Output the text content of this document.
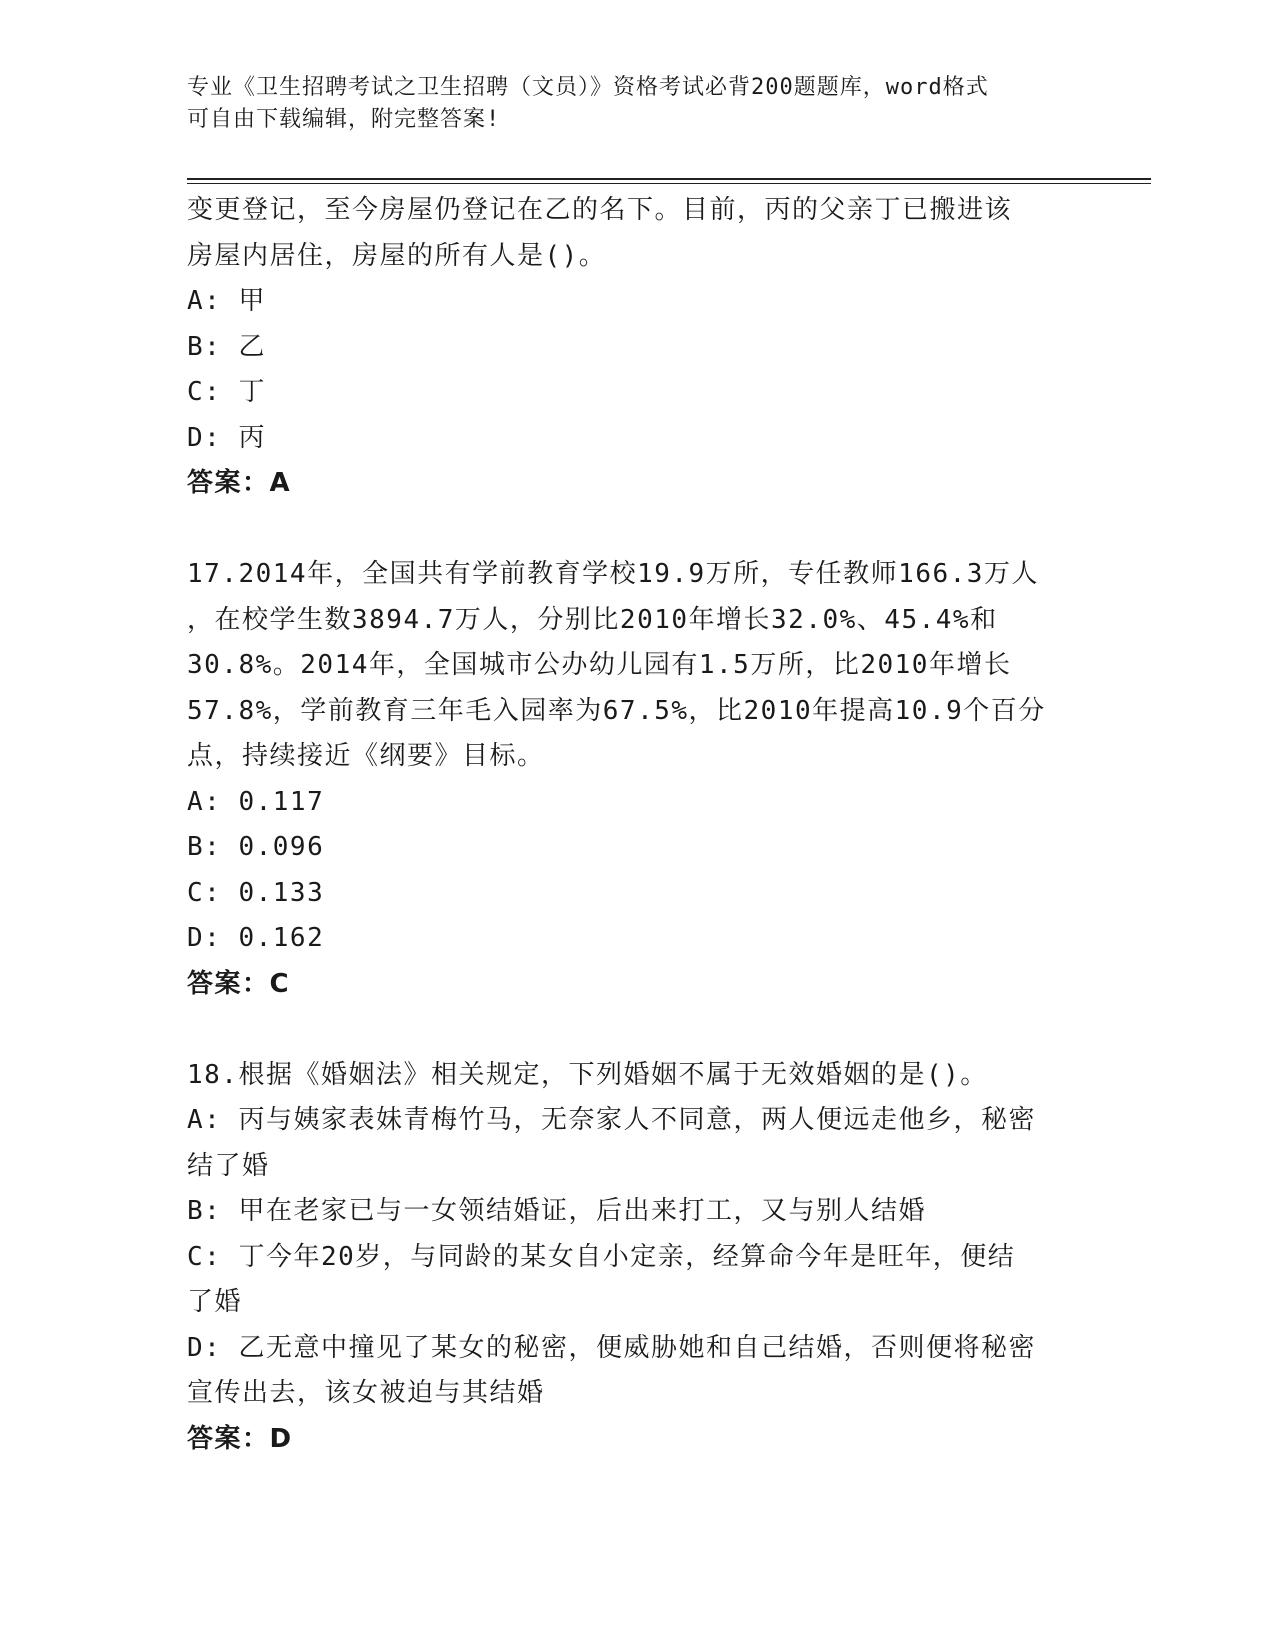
专业《卫生招聘考试之卫生招聘（文员）》资格考试必背200题题库，word格式
可自由下载编辑，附完整答案!
变更登记，至今房屋仍登记在乙的名下。目前，丙的父亲丁已搬进该
房屋内居住，房屋的所有人是()。
A: 甲
B: 乙
C: 丁
D: 丙
答案：A
17.2014年，全国共有学前教育学校19.9万所，专任教师166.3万人
，在校学生数3894.7万人，分别比2010年增长32.0%、45.4%和
30.8%。2014年，全国城市公办幼儿园有1.5万所，比2010年增长
57.8%，学前教育三年毛入园率为67.5%，比2010年提高10.9个百分
点，持续接近《纲要》目标。
A: 0.117
B: 0.096
C: 0.133
D: 0.162
答案：C
18.根据《婚姻法》相关规定，下列婚姻不属于无效婚姻的是()。
A: 丙与姨家表妹青梅竹马，无奈家人不同意，两人便远走他乡，秘密
结了婚
B: 甲在老家已与一女领结婚证，后出来打工，又与别人结婚
C: 丁今年20岁，与同龄的某女自小定亲，经算命今年是旺年，便结
了婚
D: 乙无意中撞见了某女的秘密，便威胁她和自己结婚，否则便将秘密
宣传出去，该女被迫与其结婚
答案：D
